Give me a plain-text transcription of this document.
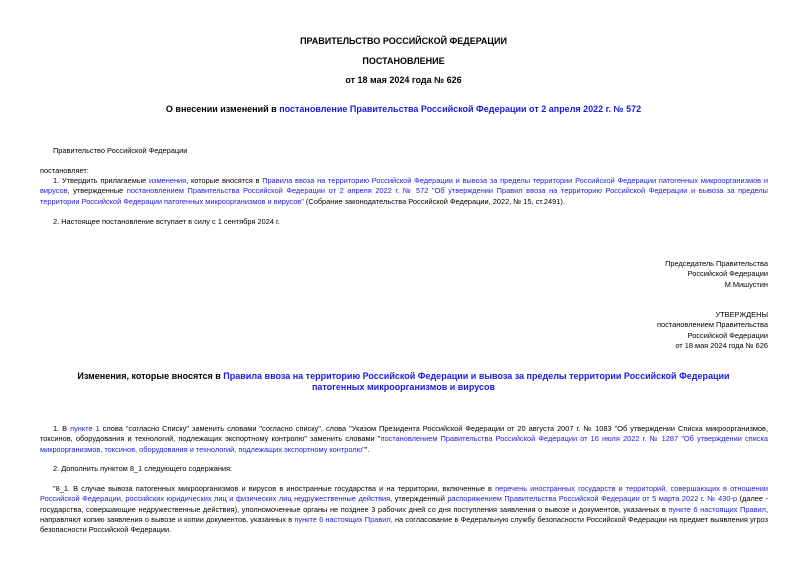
ПРАВИТЕЛЬСТВО РОССИЙСКОЙ ФЕДЕРАЦИИ
ПОСТАНОВЛЕНИЕ
от 18 мая 2024 года № 626
О внесении изменений в постановление Правительства Российской Федерации от 2 апреля 2022 г. № 572
Правительство Российской Федерации
постановляет:
1. Утвердить прилагаемые изменения, которые вносятся в Правила ввоза на территорию Российской Федерации и вывоза за пределы территории Российской Федерации патогенных микроорганизмов и вирусов, утвержденные постановлением Правительства Российской Федерации от 2 апреля 2022 г. № 572 "Об утверждении Правил ввоза на территорию Российской Федерации и вывоза за пределы территории Российской Федерации патогенных микроорганизмов и вирусов" (Собрание законодательства Российской Федерации, 2022, № 15, ст.2491).
2. Настоящее постановление вступает в силу с 1 сентября 2024 г.
Председатель Правительства
Российской Федерации
М.Мишустин
УТВЕРЖДЕНЫ
постановлением Правительства
Российской Федерации
от 18 мая 2024 года № 626
Изменения, которые вносятся в Правила ввоза на территорию Российской Федерации и вывоза за пределы территории Российской Федерации патогенных микроорганизмов и вирусов
1. В пункте 1 слова "согласно Списку" заменить словами "согласно списку", слова "Указом Президента Российской Федерации от 20 августа 2007 г. № 1083 "Об утверждении Списка микроорганизмов, токсинов, оборудования и технологий, подлежащих экспортному контролю" заменить словами "постановлением Правительства Российской Федерации от 16 июля 2022 г. № 1287 "Об утверждении списка микроорганизмов, токсинов, оборудования и технологий, подлежащих экспортному контролю"".
2. Дополнить пунктом 8_1 следующего содержания:
"8_1. В случае вывоза патогенных микроорганизмов и вирусов в иностранные государства и на территории, включенные в перечень иностранных государств и территорий, совершающих в отношении Российской Федерации, российских юридических лиц и физических лиц недружественные действия, утвержденный распоряжением Правительства Российской Федерации от 5 марта 2022 г. № 430-р (далее - государства, совершающие недружественные действия), уполномоченные органы не позднее 3 рабочих дней со дня поступления заявления о вывозе и документов, указанных в пункте 6 настоящих Правил, направляют копию заявления о вывозе и копии документов, указанных в пункте 6 настоящих Правил, на согласование в Федеральную службу безопасности Российской Федерации на предмет выявления угроз безопасности Российской Федерации.
